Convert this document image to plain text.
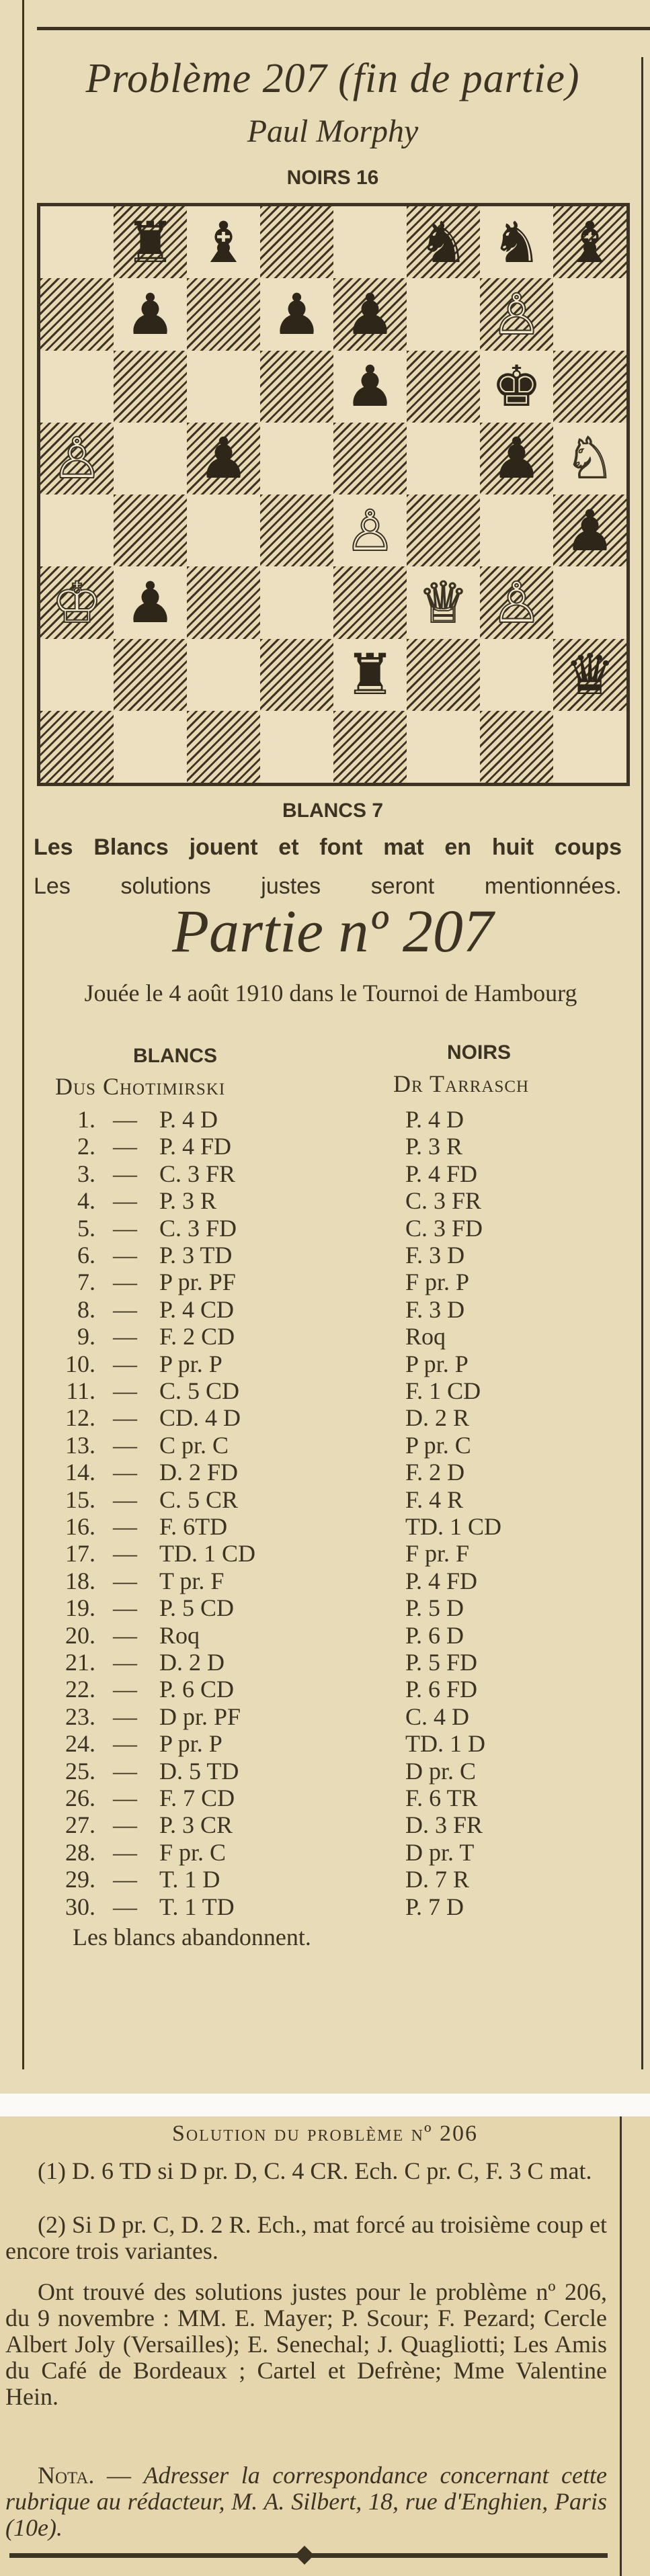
Problème 207 (fin de partie)
Paul Morphy
NOIRS 16
♜ ♝	♞ ♞ ♝
♟ ♟ ♟ ♙
♟ ♚
♙ ♟	♟ ♘
♙	♟
♔ ♟	♕ ♙
♜	♛
BLANCS 7
Les Blancs jouent et font mat en huit coups
Les solutions justes seront mentionnées.
Partie nº 207
Jouée le 4 août 1910 dans le Tournoi de Hambourg
BLANCS	NOIRS
Dus Chotimirski	Dr Tarrasch
1. — P. 4 D	P. 4 D
2. — P. 4 FD	P. 3 R
3. — C. 3 FR	P. 4 FD
4. — P. 3 R	C. 3 FR
5. — C. 3 FD	C. 3 FD
6. — P. 3 TD	F. 3 D
7. — P pr. PF	F pr. P
8. — P. 4 CD	F. 3 D
9. — F. 2 CD	Roq
10. — P pr. P	P pr. P
11. — C. 5 CD	F. 1 CD
12. — CD. 4 D	D. 2 R
13. — C pr. C	P pr. C
14. — D. 2 FD	F. 2 D
15. — C. 5 CR	F. 4 R
16. — F. 6TD	TD. 1 CD
17. — TD. 1 CD	F pr. F
18. — T pr. F	P. 4 FD
19. — P. 5 CD	P. 5 D
20. — Roq	P. 6 D
21. — D. 2 D	P. 5 FD
22. — P. 6 CD	P. 6 FD
23. — D pr. PF	C. 4 D
24. — P pr. P	TD. 1 D
25. — D. 5 TD	D pr. C
26. — F. 7 CD	F. 6 TR
27. — P. 3 CR	D. 3 FR
28. — F pr. C	D pr. T
29. — T. 1 D	D. 7 R
30. — T. 1 TD	P. 7 D
Les blancs abandonnent.
Solution du problème nº 206
(1) D. 6 TD si D pr. D, C. 4 CR. Ech. C pr. C, F. 3 C mat.
(2) Si D pr. C, D. 2 R. Ech., mat forcé au troisième coup et encore trois variantes.
Ont trouvé des solutions justes pour le problème nº 206, du 9 novembre : MM. E. Mayer; P. Scour; F. Pezard; Cercle Albert Joly (Versailles); E. Senechal; J. Quagliotti; Les Amis du Café de Bordeaux ; Cartel et Defrène; Mme Valentine Hein.
Nota. — Adresser la correspondance concernant cette rubrique au rédacteur, M. A. Silbert, 18, rue d'Enghien, Paris (10e).
